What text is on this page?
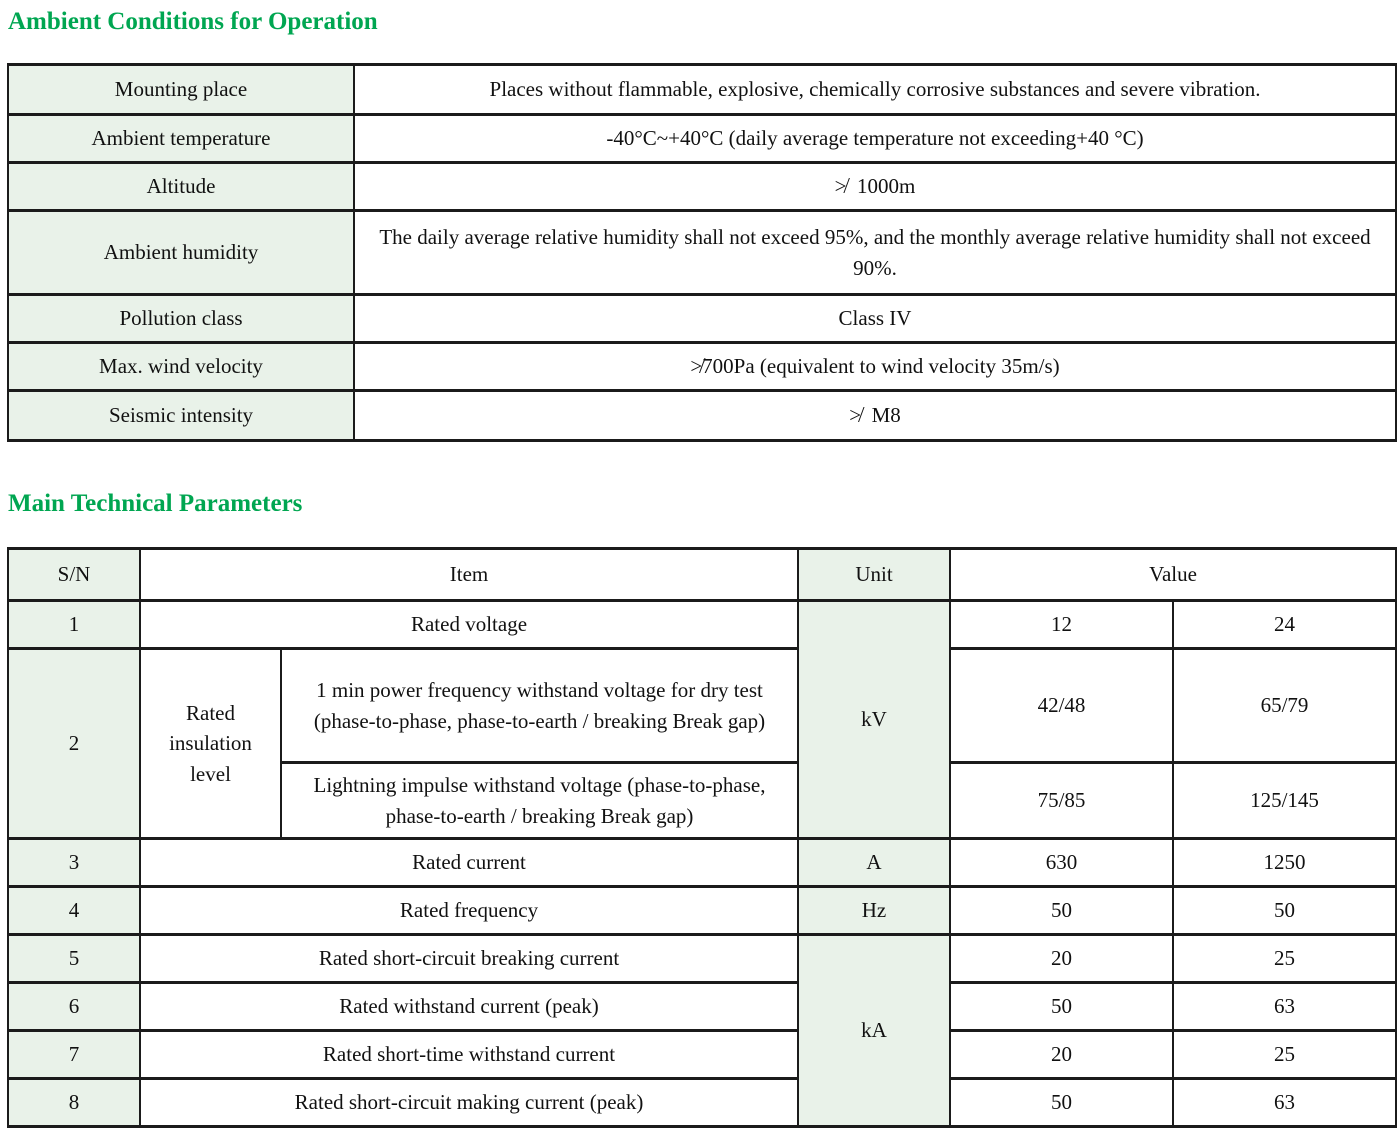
Ambient Conditions for Operation
Mounting place	Places without flammable, explosive, chemically corrosive substances and severe vibration.
Ambient temperature	-40°C~+40°C (daily average temperature not exceeding+40 °C)
Altitude	≯  1000m
Ambient humidity	The daily average relative humidity shall not exceed 95%, and the monthly average relative humidity shall not exceed 90%.
Pollution class	Class IV
Max. wind velocity	≯700Pa (equivalent to wind velocity 35m/s)
Seismic intensity	≯  M8
Main Technical Parameters
S/N	Item		Unit	Value	
1	Rated voltage		kV	12	24
2	Rated insulation level	1 min power frequency withstand voltage for dry test (phase-to-phase, phase-to-earth / breaking Break gap)		42/48	65/79
		Lightning impulse withstand voltage (phase-to-phase, phase-to-earth / breaking Break gap)		75/85	125/145
3	Rated current		A	630	1250
4	Rated frequency		Hz	50	50
5	Rated short-circuit breaking current		kA	20	25
6	Rated withstand current (peak)			50	63
7	Rated short-time withstand current			20	25
8	Rated short-circuit making current (peak)			50	63
